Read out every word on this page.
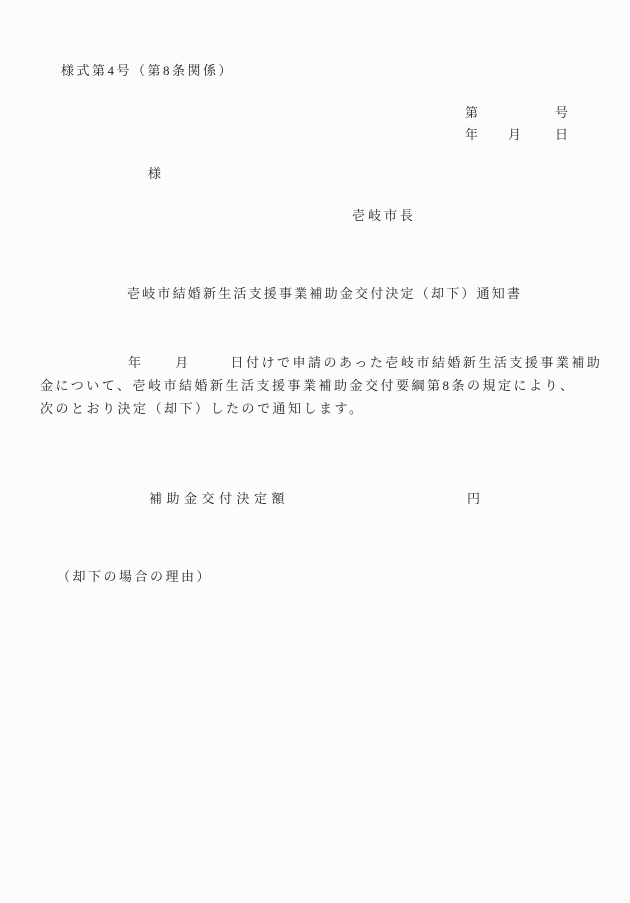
様式第4号（第8条関係）
第	号
年 月 日
様
壱岐市長
壱岐市結婚新生活支援事業補助金交付決定（却下）通知書
年 月	日付けで申請のあった壱岐市結婚新生活支援事業補助
金について、壱岐市結婚新生活支援事業補助金交付要綱第8条の規定により、
次のとおり決定（却下）したので通知します。
補助金交付決定額	円
（却下の場合の理由）
